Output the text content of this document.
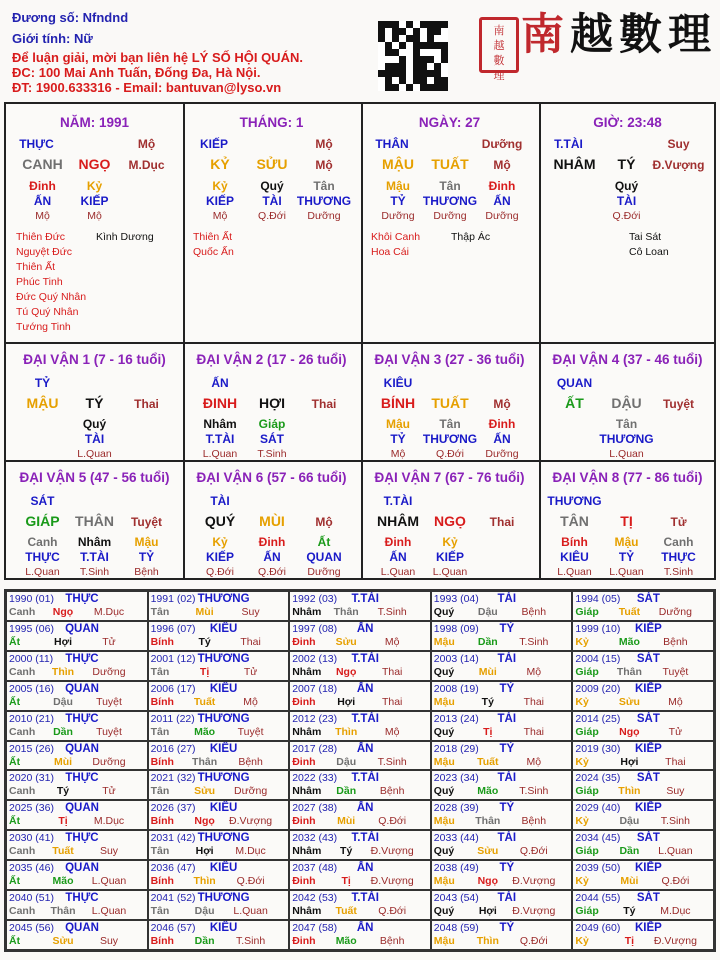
Đương số: Nfndnd
Giới tính: Nữ
Để luận giải, mời bạn liên hệ LÝ SỐ HỘI QUÁN.
ĐC: 100 Mai Anh Tuấn, Đống Đa, Hà Nội.
ĐT: 1900.633316 - Email: bantuvan@lyso.vn
南
越
數
理
南 越 數 理
NĂM: 1991
THỰC	Mộ
CANH NGỌ M.Dục
Đinh	Kỷ
ẤN KIẾP
Mộ	Mộ
Thiên Đức
Nguyệt Đức
Thiên Ất
Phúc Tinh
Đức Quý Nhân
Tú Quý Nhân
Tướng Tinh
Kình Dương
THÁNG: 1
KIẾP	Mộ
KỶ SỬU Mộ
Kỷ	Quý Tân
KIẾP TÀI THƯƠNG
Mộ	Q.Đới Dưỡng
Thiên Ất
Quốc Ấn
NGÀY: 27
THÂN	Dưỡng
MẬU TUẤT Mộ
Mậu Tân Đinh
TỶ THƯƠNG ẤN
Dưỡng Dưỡng Dưỡng
Khôi Canh
Hoa Cái
Thập Ác
GIỜ: 23:48
T.TÀI	Suy
NHÂM TÝ Đ.Vượng
Quý
TÀI
Q.Đới
Tai Sát
Cô Loan
ĐẠI VẬN 1 (7 - 16 tuổi)
TỶ
MẬU TÝ	Thai
Quý
TÀI
L.Quan
ĐẠI VẬN 2 (17 - 26 tuổi)
ẤN
ĐINH HỢI Thai
Nhâm Giáp
T.TÀI SÁT
L.Quan T.Sinh
ĐẠI VẬN 3 (27 - 36 tuổi)
KIÊU
BÍNH TUẤT Mộ
Mậu Tân Đinh
TỶ THƯƠNG ẤN
Mộ	Q.Đới Dưỡng
ĐẠI VẬN 4 (37 - 46 tuổi)
QUAN
ẤT DẬU Tuyệt
Tân
THƯƠNG
L.Quan
ĐẠI VẬN 5 (47 - 56 tuổi)
SÁT
GIÁP THÂN Tuyệt
Canh Nhâm Mậu
THỰC T.TÀI TỶ
L.Quan T.Sinh Bệnh
ĐẠI VẬN 6 (57 - 66 tuổi)
TÀI
QUÝ MÙI	Mộ
Kỷ	Đinh	Ất
KIẾP ẤN QUAN
Q.Đới Q.Đới Dưỡng
ĐẠI VẬN 7 (67 - 76 tuổi)
T.TÀI
NHÂM NGỌ Thai
Đinh	Kỷ
ẤN KIẾP
L.Quan L.Quan
ĐẠI VẬN 8 (77 - 86 tuổi)
THƯƠNG
TÂN TỊ	Tử
Bính Mậu Canh
KIÊU TỶ THỰC
L.Quan L.Quan T.Sinh
1990 (01) THỰC
Canh Ngọ M.Dục
1991 (02) THƯƠNG
Tân	Mùi	Suy
1992 (03) T.TÀI
Nhâm Thân T.Sinh
1993 (04) TÀI
Quý Dậu Bệnh
1994 (05) SÁT
Giáp Tuất Dưỡng
1995 (06) QUAN
Ất	Hợi	Tử
1996 (07) KIÊU
Bính Tý	Thai
1997 (08) ẤN
Đinh Sửu	Mộ
1998 (09) TỶ
Mậu Dần T.Sinh
1999 (10) KIẾP
Kỷ	Mão Bệnh
2000 (11) THỰC
Canh Thìn Dưỡng
2001 (12) THƯƠNG
Tân	Tị	Tử
2002 (13) T.TÀI
Nhâm Ngọ Thai
2003 (14) TÀI
Quý Mùi	Mộ
2004 (15) SÁT
Giáp Thân Tuyệt
2005 (16) QUAN
Ất	Dậu Tuyệt
2006 (17) KIÊU
Bính Tuất	Mộ
2007 (18) ẤN
Đinh Hợi	Thai
2008 (19) TỶ
Mậu	Tý	Thai
2009 (20) KIẾP
Kỷ	Sửu	Mộ
2010 (21) THỰC
Canh Dần Tuyệt
2011 (22) THƯƠNG
Tân Mão Tuyệt
2012 (23) T.TÀI
Nhâm Thìn	Mộ
2013 (24) TÀI
Quý	Tị	Thai
2014 (25) SÁT
Giáp Ngọ	Tử
2015 (26) QUAN
Ất	Mùi Dưỡng
2016 (27) KIÊU
Bính Thân Bệnh
2017 (28) ẤN
Đinh Dậu T.Sinh
2018 (29) TỶ
Mậu Tuất	Mộ
2019 (30) KIẾP
Kỷ	Hợi	Thai
2020 (31) THỰC
Canh Tý	Tử
2021 (32) THƯƠNG
Tân Sửu Dưỡng
2022 (33) T.TÀI
Nhâm Dần Bệnh
2023 (34) TÀI
Quý Mão T.Sinh
2024 (35) SÁT
Giáp Thìn Suy
2025 (36) QUAN
Ất	Tị M.Dục
2026 (37) KIÊU
Bính Ngọ Đ.Vượng
2027 (38) ẤN
Đinh Mùi Q.Đới
2028 (39) TỶ
Mậu Thân Bệnh
2029 (40) KIẾP
Kỷ	Dậu T.Sinh
2030 (41) THỰC
Canh Tuất	Suy
2031 (42) THƯƠNG
Tân	Hợi M.Dục
2032 (43) T.TÀI
Nhâm Tý Đ.Vượng
2033 (44) TÀI
Quý Sửu Q.Đới
2034 (45) SÁT
Giáp Dần L.Quan
2035 (46) QUAN
Ất	Mão L.Quan
2036 (47) KIÊU
Bính Thìn Q.Đới
2037 (48) ẤN
Đinh Tị Đ.Vượng
2038 (49) TỶ
Mậu Ngọ Đ.Vượng
2039 (50) KIẾP
Kỷ	Mùi Q.Đới
2040 (51) THỰC
Canh Thân L.Quan
2041 (52) THƯƠNG
Tân Dậu L.Quan
2042 (53) T.TÀI
Nhâm Tuất Q.Đới
2043 (54) TÀI
Quý Hợi Đ.Vượng
2044 (55) SÁT
Giáp Tý M.Dục
2045 (56) QUAN
Ất	Sửu	Suy
2046 (57) KIÊU
Bính Dần T.Sinh
2047 (58) ẤN
Đinh Mão Bệnh
2048 (59) TỶ
Mậu Thìn Q.Đới
2049 (60) KIẾP
Kỷ	Tị Đ.Vượng
